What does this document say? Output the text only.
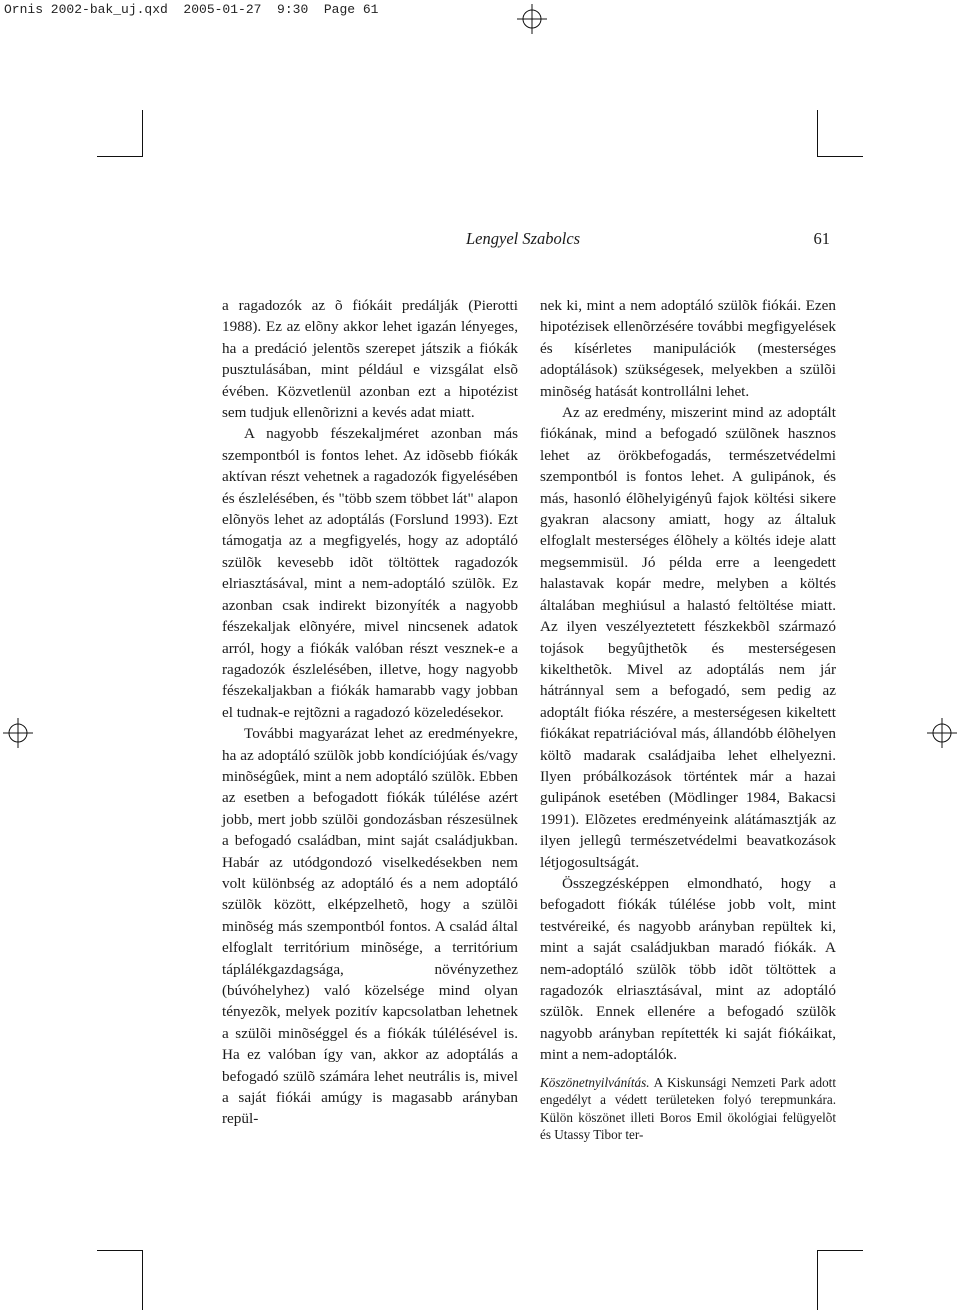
Ornis 2002-bak_uj.qxd  2005-01-27  9:30  Page 61
Lengyel Szabolcs	61

a ragadozók az õ fiókáit predálják (Pierotti 1988). Ez az elõny akkor lehet igazán lényeges, ha a predáció jelentõs szerepet játszik a fiókák pusztulásában, mint például e vizsgálat elsõ évében. Közvetlenül azonban ezt a hipotézist sem tudjuk ellenõrizni a kevés adat miatt.

A nagyobb fészekaljméret azonban más szempontból is fontos lehet. Az idõsebb fiókák aktívan részt vehetnek a ragadozók figyelésében és észlelésében, és "több szem többet lát" alapon elõnyös lehet az adoptálás (Forslund 1993). Ezt támogatja az a megfigyelés, hogy az adoptáló szülõk kevesebb idõt töltöttek ragadozók elriasztásával, mint a nem-adoptáló szülõk. Ez azonban csak indirekt bizonyíték a nagyobb fészekaljak elõnyére, mivel nincsenek adatok arról, hogy a fiókák valóban részt vesznek-e a ragadozók észlelésében, illetve, hogy nagyobb fészekaljakban a fiókák hamarabb vagy jobban el tudnak-e rejtõzni a ragadozó közeledésekor.

További magyarázat lehet az eredményekre, ha az adoptáló szülõk jobb kondíciójúak és/vagy minõségûek, mint a nem adoptáló szülõk. Ebben az esetben a befogadott fiókák túlélése azért jobb, mert jobb szülõi gondozásban részesülnek a befogadó családban, mint saját családjukban. Habár az utódgondozó viselkedésekben nem volt különbség az adoptáló és a nem adoptáló szülõk között, elképzelhetõ, hogy a szülõi minõség más szempontból fontos. A család által elfoglalt territórium minõsége, a territórium táplálékgazdagsága, növényzethez (búvóhelyhez) való közelsége mind olyan tényezõk, melyek pozitív kapcsolatban lehetnek a szülõi minõséggel és a fiókák túlélésével is. Ha ez valóban így van, akkor az adoptálás a befogadó szülõ számára lehet neutrális is, mivel a saját fiókái amúgy is magasabb arányban repül-

nek ki, mint a nem adoptáló szülõk fiókái. Ezen hipotézisek ellenõrzésére további megfigyelések és kísérletes manipulációk (mesterséges adoptálások) szükségesek, melyekben a szülõi minõség hatását kontrollálni lehet.

Az az eredmény, miszerint mind az adoptált fiókának, mind a befogadó szülõnek hasznos lehet az örökbefogadás, természetvédelmi szempontból is fontos lehet. A gulipánok, és más, hasonló élõhelyigényû fajok költési sikere gyakran alacsony amiatt, hogy az általuk elfoglalt mesterséges élõhely a költés ideje alatt megsemmisül. Jó példa erre a leengedett halastavak kopár medre, melyben a költés általában meghiúsul a halastó feltöltése miatt. Az ilyen veszélyeztetett fészkekbõl származó tojások begyûjthetõk és mesterségesen kikelthetõk. Mivel az adoptálás nem jár hátránnyal sem a befogadó, sem pedig az adoptált fióka részére, a mesterségesen kikeltett fiókákat repatriációval más, állandóbb élõhelyen költõ madarak családjaiba lehet elhelyezni. Ilyen próbálkozások történtek már a hazai gulipánok esetében (Mödlinger 1984, Bakacsi 1991). Elõzetes eredményeink alátámasztják az ilyen jellegû természetvédelmi beavatkozások létjogosultságát.

Összegzésképpen elmondható, hogy a befogadott fiókák túlélése jobb volt, mint testvéreiké, és nagyobb arányban repültek ki, mint a saját családjukban maradó fiókák. A nem-adoptáló szülõk több idõt töltöttek a ragadozók elriasztásával, mint az adoptáló szülõk. Ennek ellenére a befogadó szülõk nagyobb arányban repítették ki saját fiókáikat, mint a nem-adoptálók.

Köszönetnyilvánítás. A Kiskunsági Nemzeti Park adott engedélyt a védett területeken folyó terepmunkára. Külön köszönet illeti Boros Emil ökológiai felügyelõt és Utassy Tibor ter-
